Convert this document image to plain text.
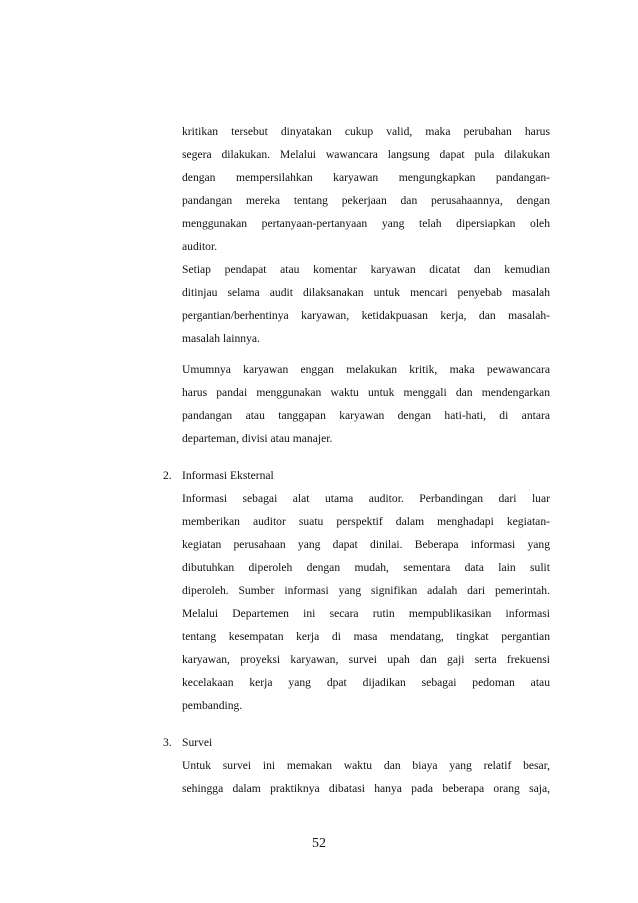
kritikan tersebut dinyatakan cukup valid, maka perubahan harus
segera dilakukan. Melalui wawancara langsung dapat pula dilakukan
dengan mempersilahkan karyawan mengungkapkan pandangan-
pandangan mereka tentang pekerjaan dan perusahaannya, dengan
menggunakan pertanyaan-pertanyaan yang telah dipersiapkan oleh
auditor.
Setiap pendapat atau komentar karyawan dicatat dan kemudian
ditinjau selama audit dilaksanakan untuk mencari penyebab masalah
pergantian/berhentinya karyawan, ketidakpuasan kerja, dan masalah-
masalah lainnya.
Umumnya karyawan enggan melakukan kritik, maka pewawancara
harus pandai menggunakan waktu untuk menggali dan mendengarkan
pandangan atau tanggapan karyawan dengan hati-hati, di antara
departeman, divisi atau manajer.
2. Informasi Eksternal
Informasi sebagai alat utama auditor. Perbandingan dari luar
memberikan auditor suatu perspektif dalam menghadapi kegiatan-
kegiatan perusahaan yang dapat dinilai. Beberapa informasi yang
dibutuhkan diperoleh dengan mudah, sementara data lain sulit
diperoleh. Sumber informasi yang signifikan adalah dari pemerintah.
Melalui Departemen ini secara rutin mempublikasikan informasi
tentang kesempatan kerja di masa mendatang, tingkat pergantian
karyawan, proyeksi karyawan, survei upah dan gaji serta frekuensi
kecelakaan kerja yang dpat dijadikan sebagai pedoman atau
pembanding.
3. Survei
Untuk survei ini memakan waktu dan biaya yang relatif besar,
sehingga dalam praktiknya dibatasi hanya pada beberapa orang saja,
52
